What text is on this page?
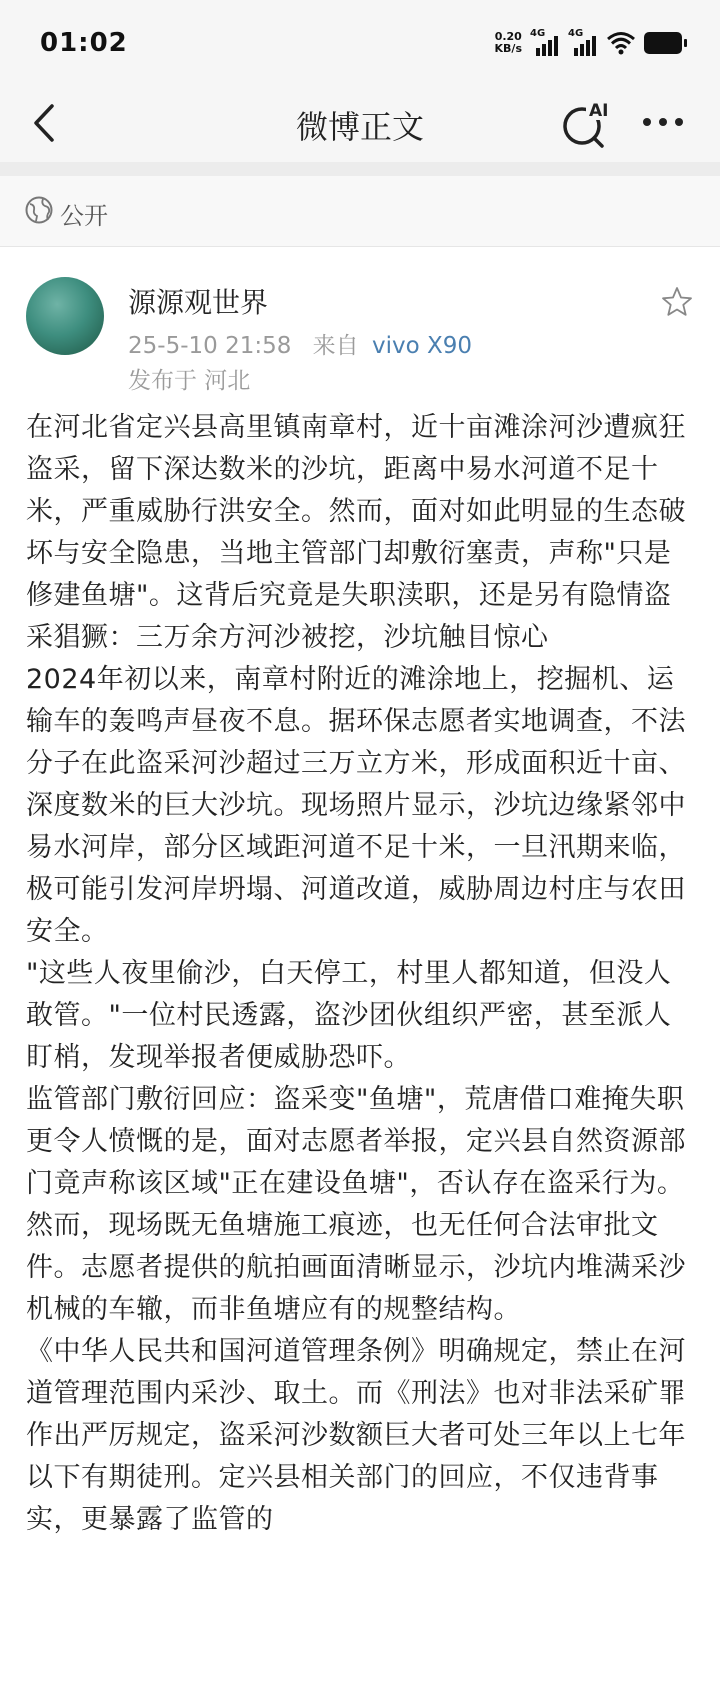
01:02	0.20
KB/s
4G 4G
微博正文	AI
公开
源源观世界
25-5-10 21:58 来自 vivo X90
发布于 河北

在河北省定兴县高里镇南章村，近十亩滩涂河沙遭疯狂盗采，留下深达数米的沙坑，距离中易水河道不足十米，严重威胁行洪安全。然而，面对如此明显的生态破坏与安全隐患，当地主管部门却敷衍塞责，声称"只是修建鱼塘"。这背后究竟是失职渎职，还是另有隐情盗采猖獗：三万余方河沙被挖，沙坑触目惊心

2024年初以来，南章村附近的滩涂地上，挖掘机、运输车的轰鸣声昼夜不息。据环保志愿者实地调查，不法分子在此盗采河沙超过三万立方米，形成面积近十亩、深度数米的巨大沙坑。现场照片显示，沙坑边缘紧邻中易水河岸，部分区域距河道不足十米，一旦汛期来临，极可能引发河岸坍塌、河道改道，威胁周边村庄与农田安全。

"这些人夜里偷沙，白天停工，村里人都知道，但没人敢管。"一位村民透露，盗沙团伙组织严密，甚至派人盯梢，发现举报者便威胁恐吓。

监管部门敷衍回应：盗采变"鱼塘"，荒唐借口难掩失职

更令人愤慨的是，面对志愿者举报，定兴县自然资源部门竟声称该区域"正在建设鱼塘"，否认存在盗采行为。然而，现场既无鱼塘施工痕迹，也无任何合法审批文件。志愿者提供的航拍画面清晰显示，沙坑内堆满采沙机械的车辙，而非鱼塘应有的规整结构。

《中华人民共和国河道管理条例》明确规定，禁止在河道管理范围内采沙、取土。而《刑法》也对非法采矿罪作出严厉规定，盗采河沙数额巨大者可处三年以上七年以下有期徒刑。定兴县相关部门的回应，不仅违背事实，更暴露了监管的
